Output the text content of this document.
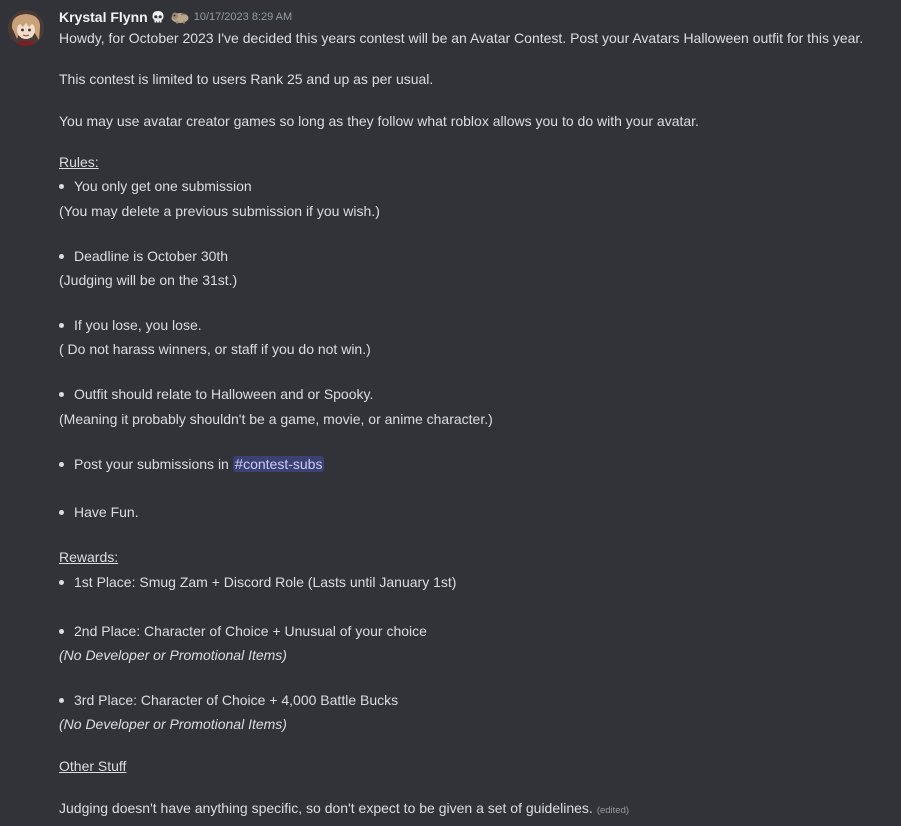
Krystal Flynn	10/17/2023 8:29 AM
Howdy, for October 2023 I've decided this years contest will be an Avatar Contest. Post your Avatars Halloween outfit for this year.
This contest is limited to users Rank 25 and up as per usual.
You may use avatar creator games so long as they follow what roblox allows you to do with your avatar.
Rules:
You only get one submission
(You may delete a previous submission if you wish.)
Deadline is October 30th
(Judging will be on the 31st.)
If you lose, you lose.
( Do not harass winners, or staff if you do not win.)
Outfit should relate to Halloween and or Spooky.
(Meaning it probably shouldn't be a game, movie, or anime character.)
Post your submissions in #contest-subs
Have Fun.
Rewards:
1st Place: Smug Zam + Discord Role (Lasts until January 1st)
2nd Place: Character of Choice + Unusual of your choice
(No Developer or Promotional Items)
3rd Place: Character of Choice + 4,000 Battle Bucks
(No Developer or Promotional Items)
Other Stuff
Judging doesn't have anything specific, so don't expect to be given a set of guidelines. (edited)
